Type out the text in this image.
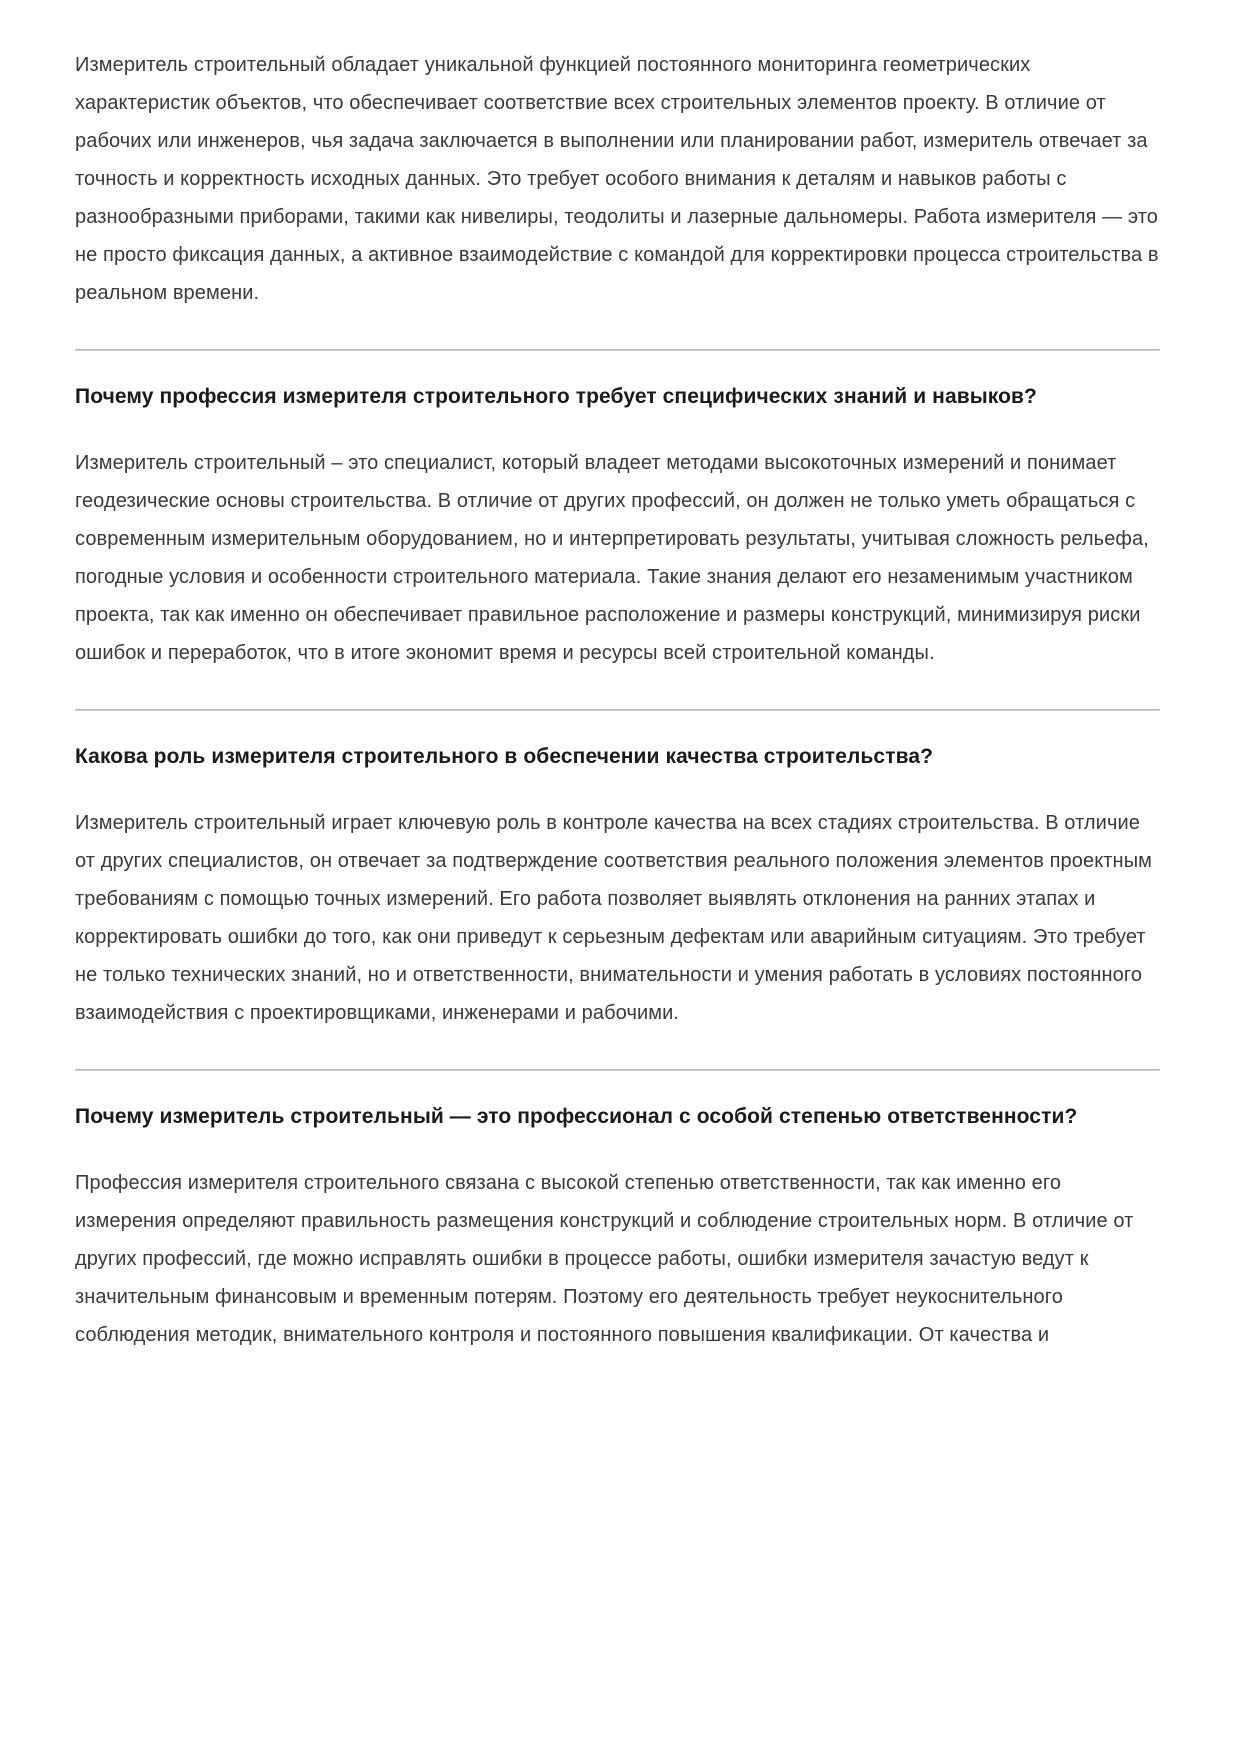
Измеритель строительный обладает уникальной функцией постоянного мониторинга геометрических характеристик объектов, что обеспечивает соответствие всех строительных элементов проекту. В отличие от рабочих или инженеров, чья задача заключается в выполнении или планировании работ, измеритель отвечает за точность и корректность исходных данных. Это требует особого внимания к деталям и навыков работы с разнообразными приборами, такими как нивелиры, теодолиты и лазерные дальномеры. Работа измерителя — это не просто фиксация данных, а активное взаимодействие с командой для корректировки процесса строительства в реальном времени.

Почему профессия измерителя строительного требует специфических знаний и навыков?

Измеритель строительный – это специалист, который владеет методами высокоточных измерений и понимает геодезические основы строительства. В отличие от других профессий, он должен не только уметь обращаться с современным измерительным оборудованием, но и интерпретировать результаты, учитывая сложность рельефа, погодные условия и особенности строительного материала. Такие знания делают его незаменимым участником проекта, так как именно он обеспечивает правильное расположение и размеры конструкций, минимизируя риски ошибок и переработок, что в итоге экономит время и ресурсы всей строительной команды.

Какова роль измерителя строительного в обеспечении качества строительства?

Измеритель строительный играет ключевую роль в контроле качества на всех стадиях строительства. В отличие от других специалистов, он отвечает за подтверждение соответствия реального положения элементов проектным требованиям с помощью точных измерений. Его работа позволяет выявлять отклонения на ранних этапах и корректировать ошибки до того, как они приведут к серьезным дефектам или аварийным ситуациям. Это требует не только технических знаний, но и ответственности, внимательности и умения работать в условиях постоянного взаимодействия с проектировщиками, инженерами и рабочими.

Почему измеритель строительный — это профессионал с особой степенью ответственности?

Профессия измерителя строительного связана с высокой степенью ответственности, так как именно его измерения определяют правильность размещения конструкций и соблюдение строительных норм. В отличие от других профессий, где можно исправлять ошибки в процессе работы, ошибки измерителя зачастую ведут к значительным финансовым и временным потерям. Поэтому его деятельность требует неукоснительного соблюдения методик, внимательного контроля и постоянного повышения квалификации. От качества и
